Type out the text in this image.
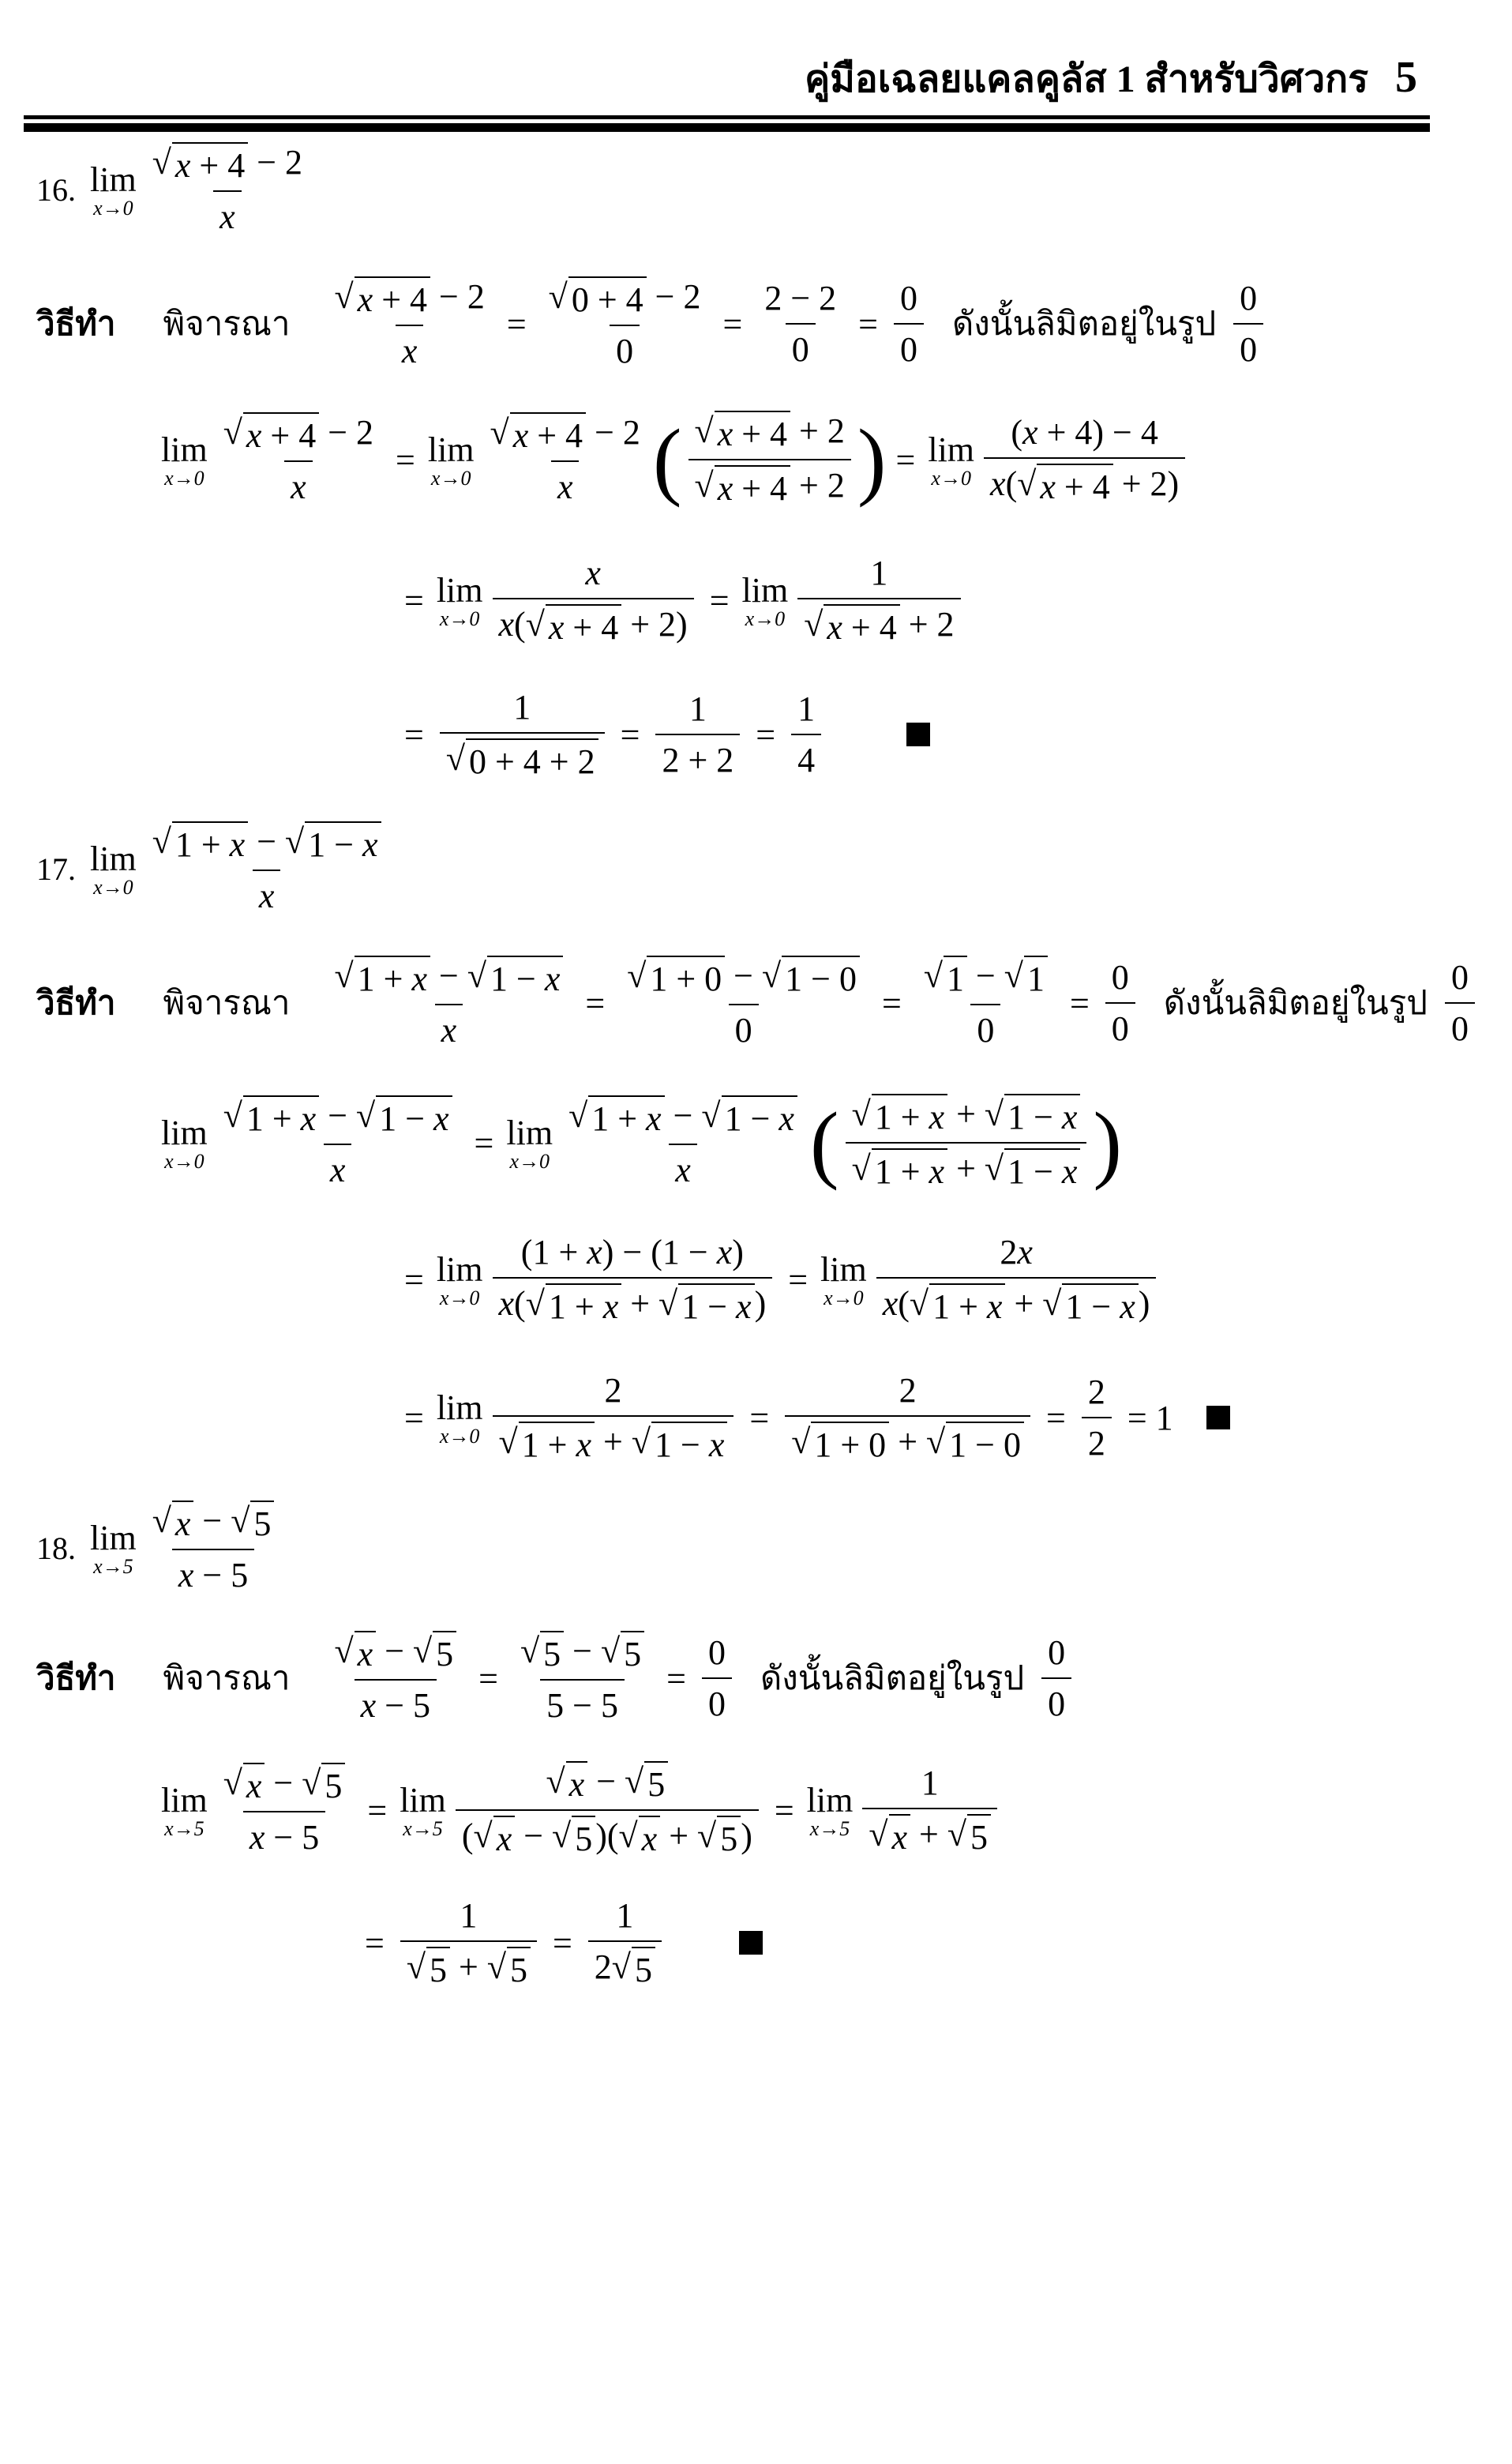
คู่มือเฉลยแคลคูลัส 1 สำหรับวิศวกร 5
16. lim
x→0
√ x + 4 − 2
x
วิธีทำ พิจารณา $\frac{√ x + 4 - 2}{x} = \frac{√ 0 + 4 - 2}{0} = \frac{2 - 2}{0} = \frac{0}{0}$ ดังนั้นลิมิตอยู่ในรูป
0
0
lim
$x\to 0 \frac{√ x + 4 - 2}{x} = \lim$
x→0
√ x + 4 − 2
x ( √ x + 4 + 2
√ x + 4 + 2 ) = lim
x→0
(x + 4) − 4
x( √ x + 4 + 2)
= lim
$x\to 0 \frac{x}{x( √ x + 4 + 2)} = \lim$
x→0
1
√ x + 4 + 2
= $\frac{1}{√ 0 + 4 + 2} = \frac{1}{2 + 2} = \frac{1}{4}$
17. lim
x→0
√ 1 + x − √ 1 − x
x
วิธีทำ พิจารณา $\frac{√ 1 + x - √ 1 - x}{x} = \frac{√ 1 + 0 - √ 1 - 0}{0} = \frac{√ 1 - √ 1}{0} = \frac{0}{0}$ ดังนั้นลิมิตอยู่ในรูป
0
0
lim
$x\to 0 \frac{√ 1 + x - √ 1 - x}{x} = \lim$
x→0
√ 1 + x − √ 1 − x
x ( √ 1 + x + √ 1 − x
√ 1 + x + √ 1 − x )
= lim
$x\to 0 \frac{(1 + x) - (1 - x)}{x( √ 1 + x + √ 1 - x )} = \lim$
x→0
2x
x( √ 1 + x + √ 1 − x )
= lim
$x\to 0 \frac{2}{√ 1 + x + √ 1 - x} = \frac{2}{√ 1 + 0 + √ 1 - 0} = \frac{2}{2} = 1$
18. lim
x→5
√ x − √ 5
x − 5
วิธีทำ พิจารณา $\frac{√ x - √ 5}{x - 5} = \frac{√ 5 - √ 5}{5 - 5} = \frac{0}{0}$ ดังนั้นลิมิตอยู่ในรูป
0
0
lim
$x\to 5 \frac{√ x - √ 5}{x - 5} = \lim$
$x\to 5 \frac{√ x - √ 5}{( √ x - √ 5 )( √ x + √ 5 )} = \lim$
x→5
1
√ x + √ 5
= $\frac{1}{√ 5 + √ 5} = \frac{1}{2 √ 5}$
